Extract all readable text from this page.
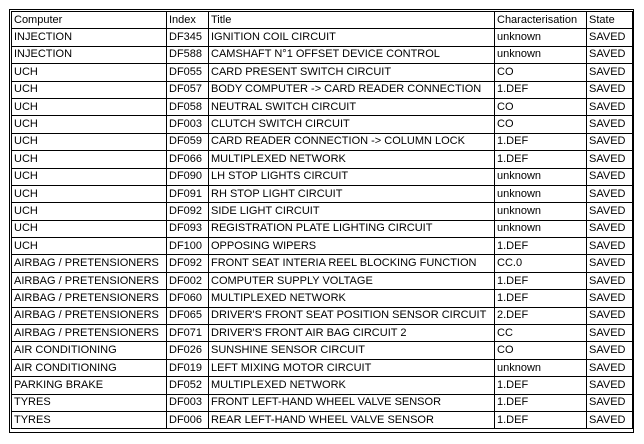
Computer	Index	Title	Characterisation	State
INJECTION	DF345	IGNITION COIL CIRCUIT	unknown	SAVED
INJECTION	DF588	CAMSHAFT N°1 OFFSET DEVICE CONTROL	unknown	SAVED
UCH	DF055	CARD PRESENT SWITCH CIRCUIT	CO	SAVED
UCH	DF057	BODY COMPUTER -> CARD READER CONNECTION	1.DEF	SAVED
UCH	DF058	NEUTRAL SWITCH CIRCUIT	CO	SAVED
UCH	DF003	CLUTCH SWITCH CIRCUIT	CO	SAVED
UCH	DF059	CARD READER CONNECTION -> COLUMN LOCK	1.DEF	SAVED
UCH	DF066	MULTIPLEXED NETWORK	1.DEF	SAVED
UCH	DF090	LH STOP LIGHTS CIRCUIT	unknown	SAVED
UCH	DF091	RH STOP LIGHT CIRCUIT	unknown	SAVED
UCH	DF092	SIDE LIGHT CIRCUIT	unknown	SAVED
UCH	DF093	REGISTRATION PLATE LIGHTING CIRCUIT	unknown	SAVED
UCH	DF100	OPPOSING WIPERS	1.DEF	SAVED
AIRBAG / PRETENSIONERS	DF092	FRONT SEAT INTERIA REEL BLOCKING FUNCTION	CC.0	SAVED
AIRBAG / PRETENSIONERS	DF002	COMPUTER SUPPLY VOLTAGE	1.DEF	SAVED
AIRBAG / PRETENSIONERS	DF060	MULTIPLEXED NETWORK	1.DEF	SAVED
AIRBAG / PRETENSIONERS	DF065	DRIVER'S FRONT SEAT POSITION SENSOR CIRCUIT	2.DEF	SAVED
AIRBAG / PRETENSIONERS	DF071	DRIVER'S FRONT AIR BAG CIRCUIT 2	CC	SAVED
AIR CONDITIONING	DF026	SUNSHINE SENSOR CIRCUIT	CO	SAVED
AIR CONDITIONING	DF019	LEFT MIXING MOTOR CIRCUIT	unknown	SAVED
PARKING BRAKE	DF052	MULTIPLEXED NETWORK	1.DEF	SAVED
TYRES	DF003	FRONT LEFT-HAND WHEEL VALVE SENSOR	1.DEF	SAVED
TYRES	DF006	REAR LEFT-HAND WHEEL VALVE SENSOR	1.DEF	SAVED
